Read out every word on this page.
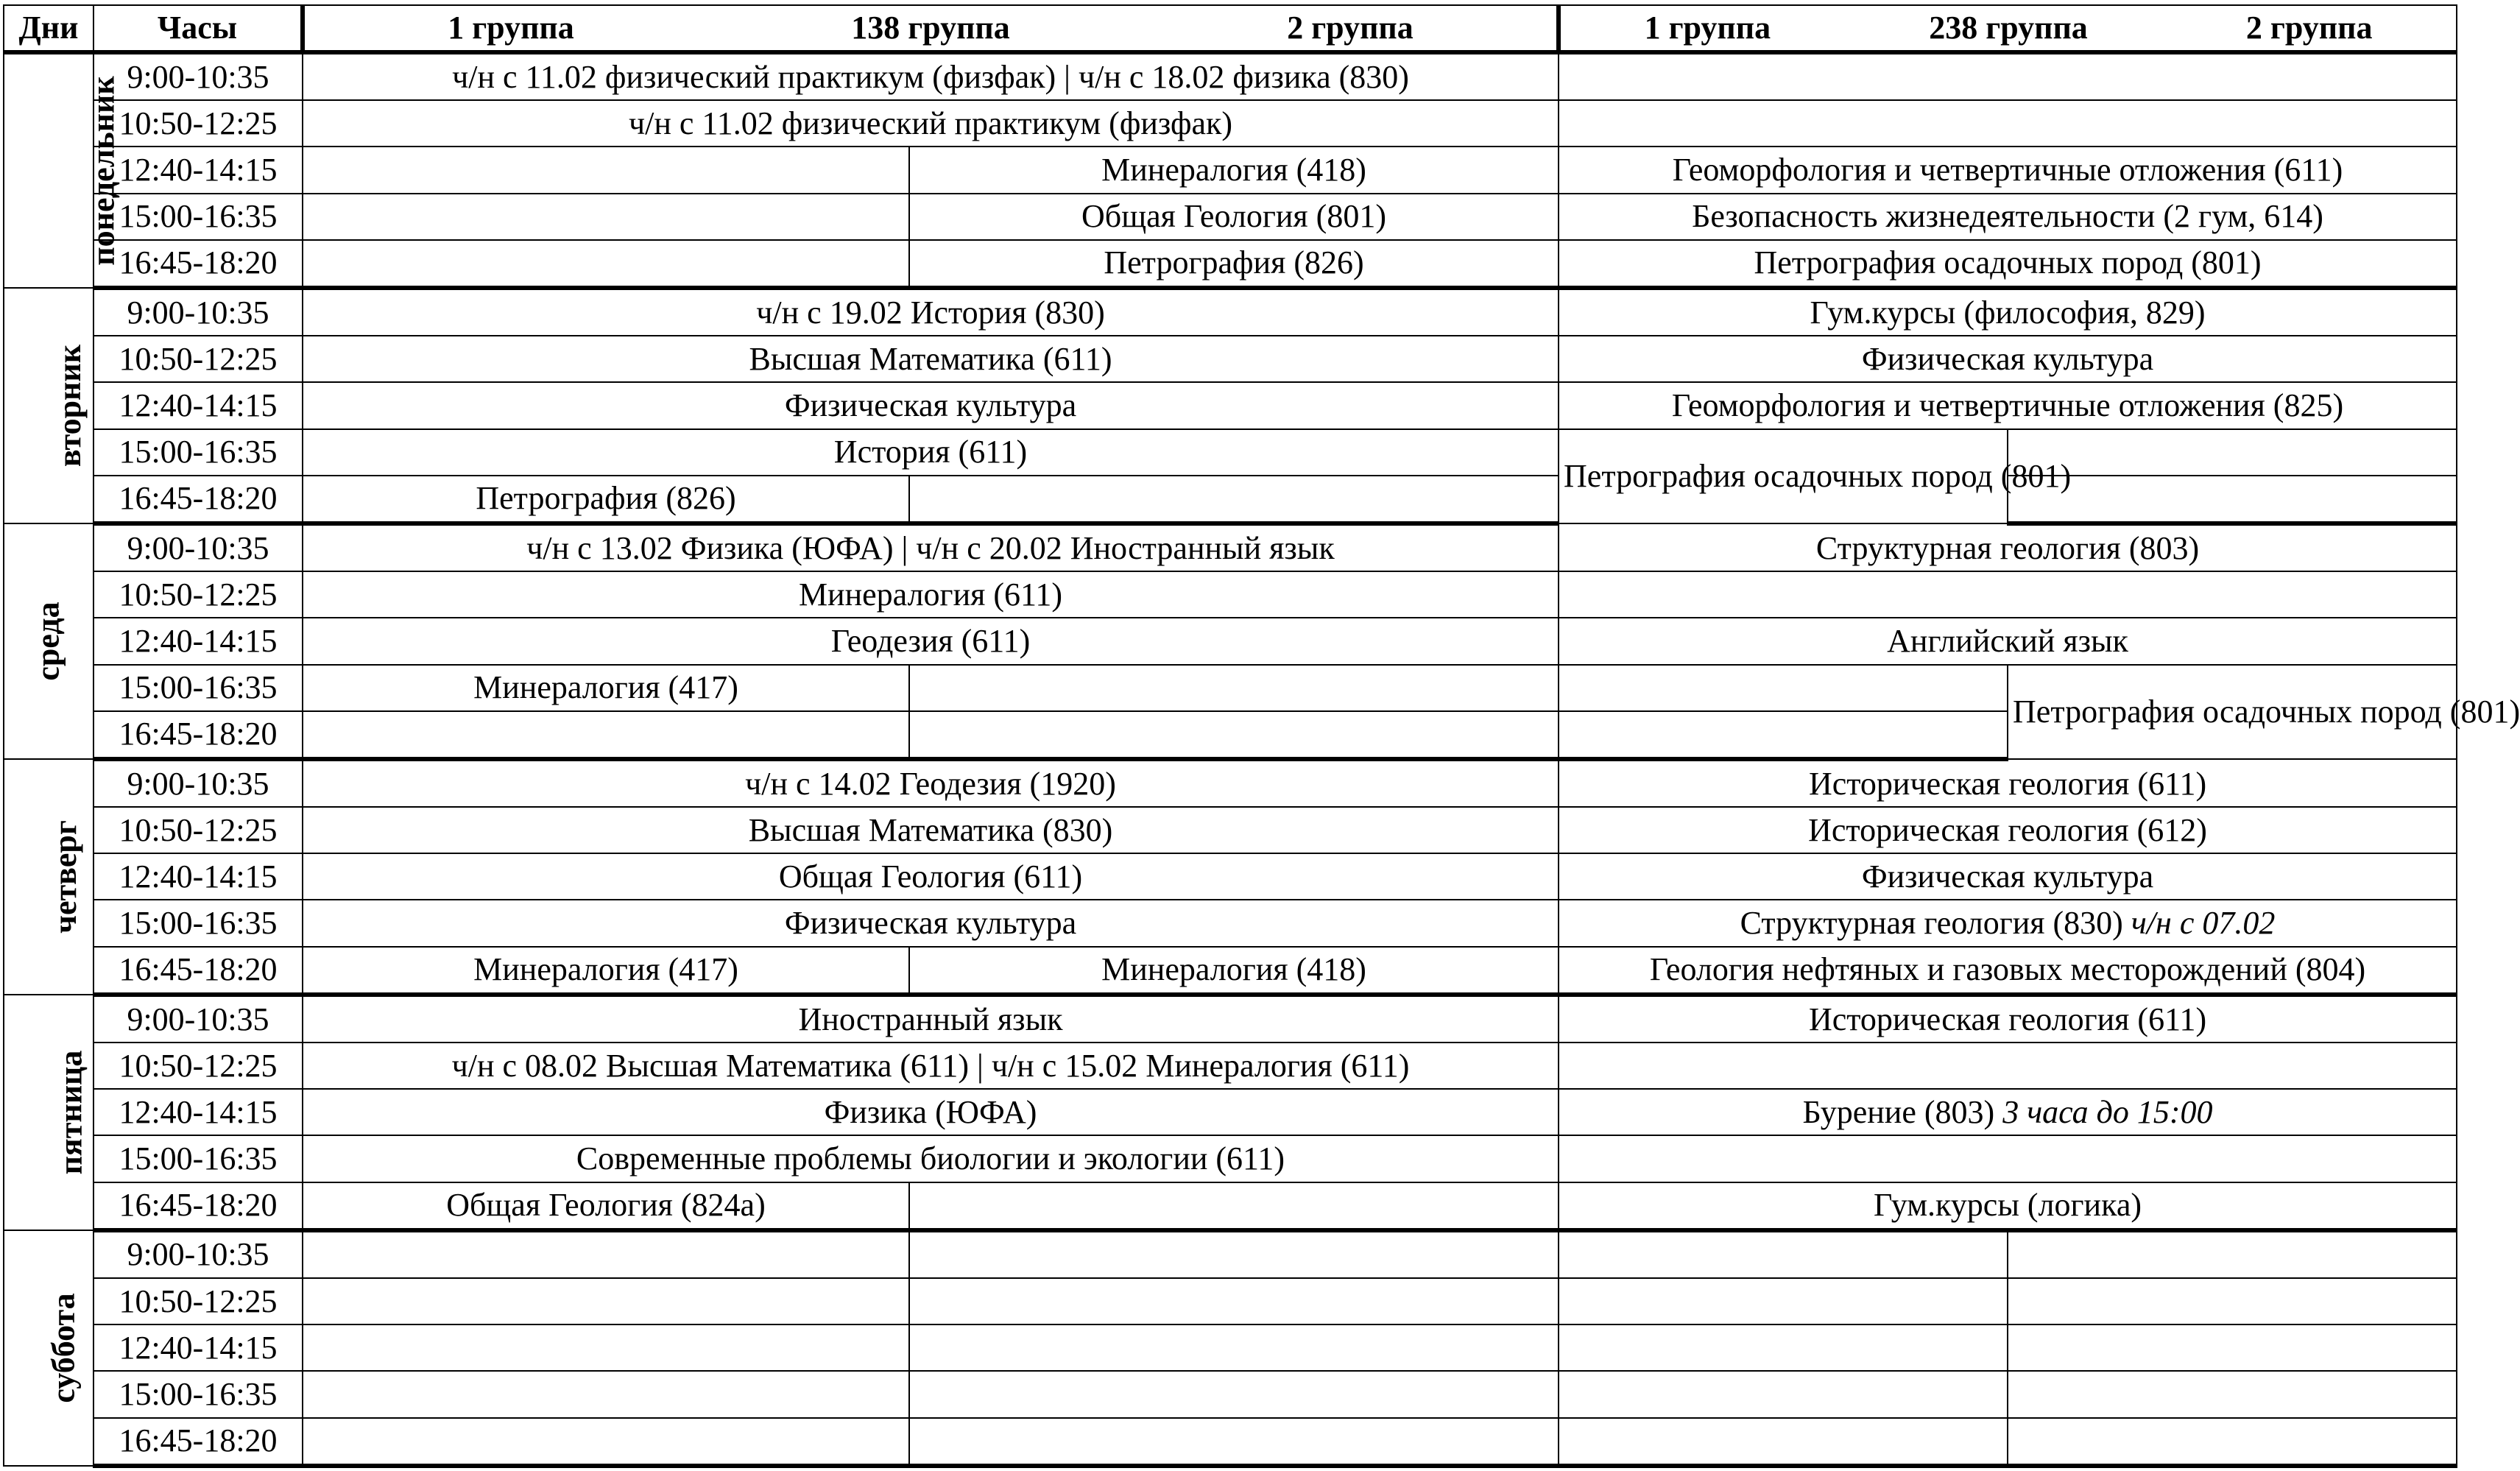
Дни	Часы	1 группа 138 группа 2 группа		1 группа 238 группа 2 группа	

понедельник	9:00-10:35	ч/н с 11.02 физический практикум (физфак) | ч/н с 18.02 физика (830)			
	10:50-12:25	ч/н с 11.02 физический практикум (физфак)			
	12:40-14:15		Минералогия (418)	Геоморфология и четвертичные отложения (611)	
	15:00-16:35		Общая Геология (801)	Безопасность жизнедеятельности (2 гум, 614)	
	16:45-18:20		Петрография (826)	Петрография осадочных пород (801)	
вторник	9:00-10:35	ч/н с 19.02 История (830)		Гум.курсы (философия, 829)	
	10:50-12:25	Высшая Математика (611)		Физическая культура	
	12:40-14:15	Физическая культура		Геоморфология и четвертичные отложения (825)	
	15:00-16:35	История (611)		Петрография осадочных пород (801)	
	16:45-18:20	Петрография (826)			
среда	9:00-10:35	ч/н с 13.02 Физика (ЮФА) | ч/н с 20.02 Иностранный язык		Структурная геология (803)	
	10:50-12:25	Минералогия (611)			
	12:40-14:15	Геодезия (611)		Английский язык	
	15:00-16:35	Минералогия (417)			Петрография осадочных пород (801)
	16:45-18:20				
четверг	9:00-10:35	ч/н с 14.02 Геодезия (1920)		Историческая геология (611)	
	10:50-12:25	Высшая Математика (830)		Историческая геология (612)	
	12:40-14:15	Общая Геология (611)		Физическая культура	
	15:00-16:35	Физическая культура		Структурная геология (830) ч/н с 07.02	
	16:45-18:20	Минералогия (417)	Минералогия (418)	Геология нефтяных и газовых месторождений (804)	
пятница	9:00-10:35	Иностранный язык		Историческая геология (611)	
	10:50-12:25	ч/н с 08.02 Высшая Математика (611) | ч/н с 15.02 Минералогия (611)			
	12:40-14:15	Физика (ЮФА)		Бурение (803) 3 часа до 15:00	
	15:00-16:35	Современные проблемы биологии и экологии (611)			
	16:45-18:20	Общая Геология (824а)		Гум.курсы (логика)	
суббота	9:00-10:35				
	10:50-12:25				
	12:40-14:15				
	15:00-16:35				
	16:45-18:20				
